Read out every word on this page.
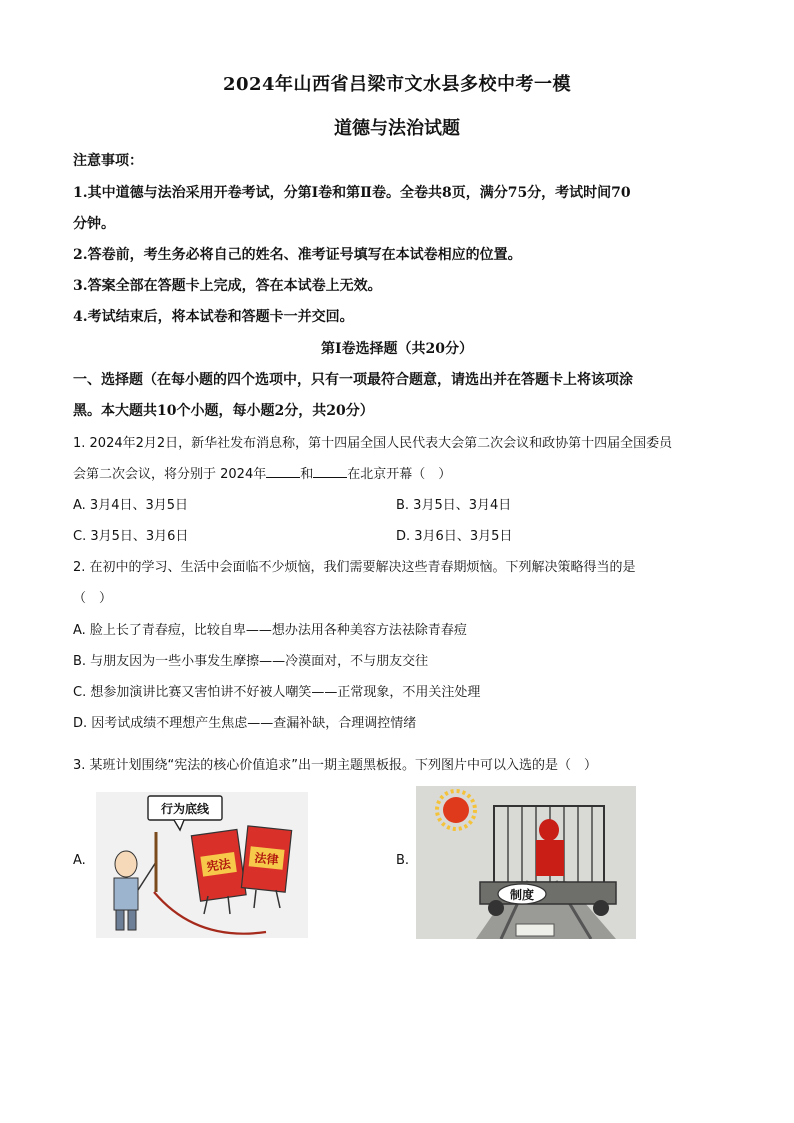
2024年山西省吕梁市文水县多校中考一模
道德与法治试题
注意事项：
1.其中道德与法治采用开卷考试，分第Ⅰ卷和第Ⅱ卷。全卷共8页，满分75分，考试时间70
分钟。
2.答卷前，考生务必将自己的姓名、准考证号填写在本试卷相应的位置。
3.答案全部在答题卡上完成，答在本试卷上无效。
4.考试结束后，将本试卷和答题卡一并交回。
第Ⅰ卷选择题（共20分）
一、选择题（在每小题的四个选项中，只有一项最符合题意，请选出并在答题卡上将该项涂
黑。本大题共10个小题，每小题2分，共20分）
1. 2024年2月2日，新华社发布消息称，第十四届全国人民代表大会第二次会议和政协第十四届全国委员
会第二次会议，将分别于 2024年	和	在北京开幕（　）
A. 3月4日、3月5日	B. 3月5日、3月4日
C. 3月5日、3月6日	D. 3月6日、3月5日
2. 在初中的学习、生活中会面临不少烦恼，我们需要解决这些青春期烦恼。下列解决策略得当的是
（　）
A. 脸上长了青春痘，比较自卑——想办法用各种美容方法祛除青春痘
B. 与朋友因为一些小事发生摩擦——冷漠面对，不与朋友交往
C. 想参加演讲比赛又害怕讲不好被人嘲笑——正常现象，不用关注处理
D. 因考试成绩不理想产生焦虑——查漏补缺，合理调控情绪
3. 某班计划围绕“宪法的核心价值追求”出一期主题黑板报。下列图片中可以入选的是（　）
A.	B.
行为底线
宪法 法律
制度
